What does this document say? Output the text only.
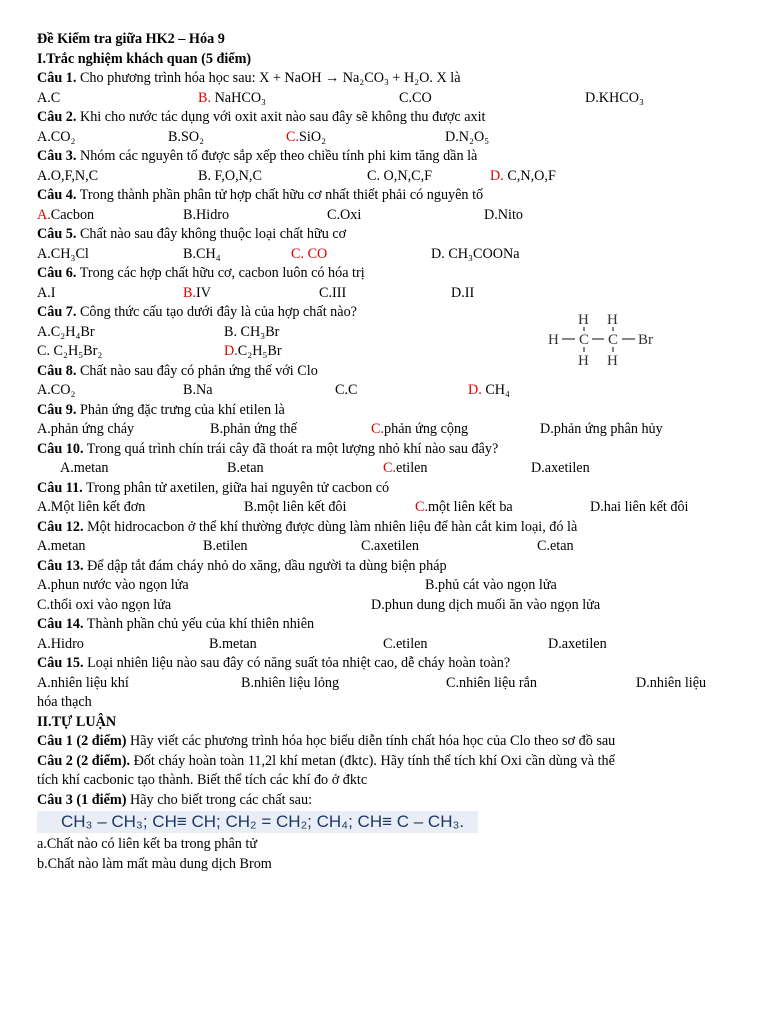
Đề Kiểm tra giữa HK2 – Hóa 9
I.Trắc nghiệm khách quan (5 điểm)
Câu 1. Cho phương trình hóa học sau: X + NaOH → Na₂CO₃ + H₂O. X là
A.C	B. NaHCO₃	C.CO	D.KHCO₃
Câu 2. Khi cho nước tác dụng với oxit axit nào sau đây sẽ không thu được axit
A.CO₂	B.SO₂	C.SiO₂	D.N₂O₅
Câu 3. Nhóm các nguyên tố được sắp xếp theo chiều tính phi kim tăng dần là
A.O,F,N,C	B. F,O,N,C	C. O,N,C,F	D. C,N,O,F
Câu 4. Trong thành phần phân tử hợp chất hữu cơ nhất thiết phải có nguyên tố
A.Cacbon	B.Hidro	C.Oxi	D.Nito
Câu 5. Chất nào sau đây không thuộc loại chất hữu cơ
A.CH₃Cl	B.CH₄	C. CO	D. CH₃COONa
Câu 6. Trong các hợp chất hữu cơ, cacbon luôn có hóa trị
A.I	B.IV	C.III	D.II
Câu 7. Công thức cấu tạo dưới đây là của hợp chất nào?
A.C₂H₄Br	B. CH₃Br
C. C₂H₅Br₂	D.C₂H₅Br
Câu 8. Chất nào sau đây có phản ứng thế với Clo
A.CO₂	B.Na	C.C	D. CH₄
Câu 9. Phản ứng đặc trưng của khí etilen là
A.phản ứng cháy	B.phản ứng thế	C.phản ứng cộng	D.phản ứng phân hủy
Câu 10. Trong quá trình chín trái cây đã thoát ra một lượng nhỏ khí nào sau đây?
A.metan	B.etan	C.etilen	D.axetilen
Câu 11. Trong phân tử axetilen, giữa hai nguyên tử cacbon có
A.Một liên kết đơn	B.một liên kết đôi	C.một liên kết ba	D.hai liên kết đôi
Câu 12. Một hidrocacbon ở thể khí thường được dùng làm nhiên liệu để hàn cắt kim loại, đó là
A.metan	B.etilen	C.axetilen	C.etan
Câu 13. Để dập tắt đám cháy nhỏ do xăng, dầu người ta dùng biện pháp
A.phun nước vào ngọn lửa	B.phủ cát vào ngọn lửa
C.thổi oxi vào ngọn lửa	D.phun dung dịch muối ăn vào ngọn lửa
Câu 14. Thành phần chủ yếu của khí thiên nhiên
A.Hidro	B.metan	C.etilen	D.axetilen
Câu 15. Loại nhiên liệu nào sau đây có năng suất tỏa nhiệt cao, dễ cháy hoàn toàn?
A.nhiên liệu khí	B.nhiên liệu lỏng	C.nhiên liệu rắn	D.nhiên liệu
hóa thạch
II.TỰ LUẬN
Câu 1 (2 điểm) Hãy viết các phương trình hóa học biểu diễn tính chất hóa học của Clo theo sơ đồ sau
Câu 2 (2 điểm). Đốt cháy hoàn toàn 11,2l khí metan (đktc). Hãy tính thể tích khí Oxi cần dùng và thể
tích khí cacbonic tạo thành. Biết thể tích các khí đo ở đktc
Câu 3 (1 điểm) Hãy cho biết trong các chất sau:
CH₃ – CH₃; CH≡ CH; CH₂ = CH₂; CH₄; CH≡ C – CH₃.
a.Chất nào có liên kết ba trong phân tử
b.Chất nào làm mất màu dung dịch Brom
H H
H C C Br
H H
